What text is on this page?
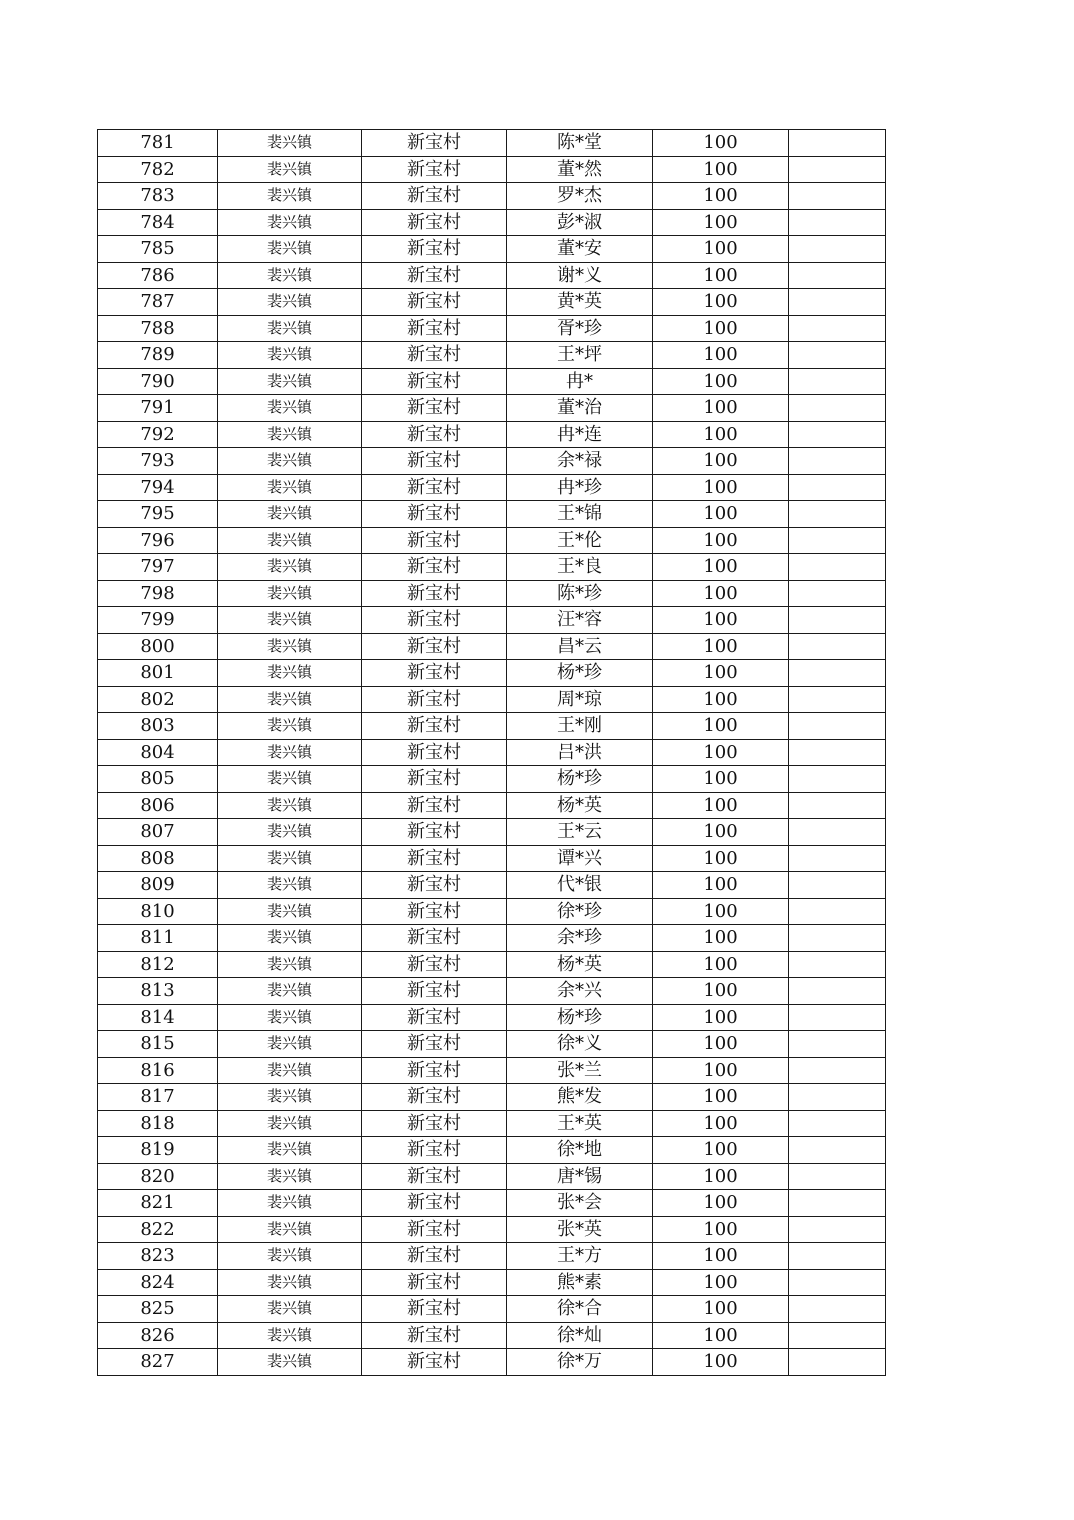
781	裴兴镇	新宝村	陈*堂	100	
782	裴兴镇	新宝村	董*然	100	
783	裴兴镇	新宝村	罗*杰	100	
784	裴兴镇	新宝村	彭*淑	100	
785	裴兴镇	新宝村	董*安	100	
786	裴兴镇	新宝村	谢*义	100	
787	裴兴镇	新宝村	黄*英	100	
788	裴兴镇	新宝村	胥*珍	100	
789	裴兴镇	新宝村	王*坪	100	
790	裴兴镇	新宝村	冉*	100	
791	裴兴镇	新宝村	董*治	100	
792	裴兴镇	新宝村	冉*连	100	
793	裴兴镇	新宝村	余*禄	100	
794	裴兴镇	新宝村	冉*珍	100	
795	裴兴镇	新宝村	王*锦	100	
796	裴兴镇	新宝村	王*伦	100	
797	裴兴镇	新宝村	王*良	100	
798	裴兴镇	新宝村	陈*珍	100	
799	裴兴镇	新宝村	汪*容	100	
800	裴兴镇	新宝村	昌*云	100	
801	裴兴镇	新宝村	杨*珍	100	
802	裴兴镇	新宝村	周*琼	100	
803	裴兴镇	新宝村	王*刚	100	
804	裴兴镇	新宝村	吕*洪	100	
805	裴兴镇	新宝村	杨*珍	100	
806	裴兴镇	新宝村	杨*英	100	
807	裴兴镇	新宝村	王*云	100	
808	裴兴镇	新宝村	谭*兴	100	
809	裴兴镇	新宝村	代*银	100	
810	裴兴镇	新宝村	徐*珍	100	
811	裴兴镇	新宝村	余*珍	100	
812	裴兴镇	新宝村	杨*英	100	
813	裴兴镇	新宝村	余*兴	100	
814	裴兴镇	新宝村	杨*珍	100	
815	裴兴镇	新宝村	徐*义	100	
816	裴兴镇	新宝村	张*兰	100	
817	裴兴镇	新宝村	熊*发	100	
818	裴兴镇	新宝村	王*英	100	
819	裴兴镇	新宝村	徐*地	100	
820	裴兴镇	新宝村	唐*锡	100	
821	裴兴镇	新宝村	张*会	100	
822	裴兴镇	新宝村	张*英	100	
823	裴兴镇	新宝村	王*方	100	
824	裴兴镇	新宝村	熊*素	100	
825	裴兴镇	新宝村	徐*合	100	
826	裴兴镇	新宝村	徐*灿	100	
827	裴兴镇	新宝村	徐*万	100	
